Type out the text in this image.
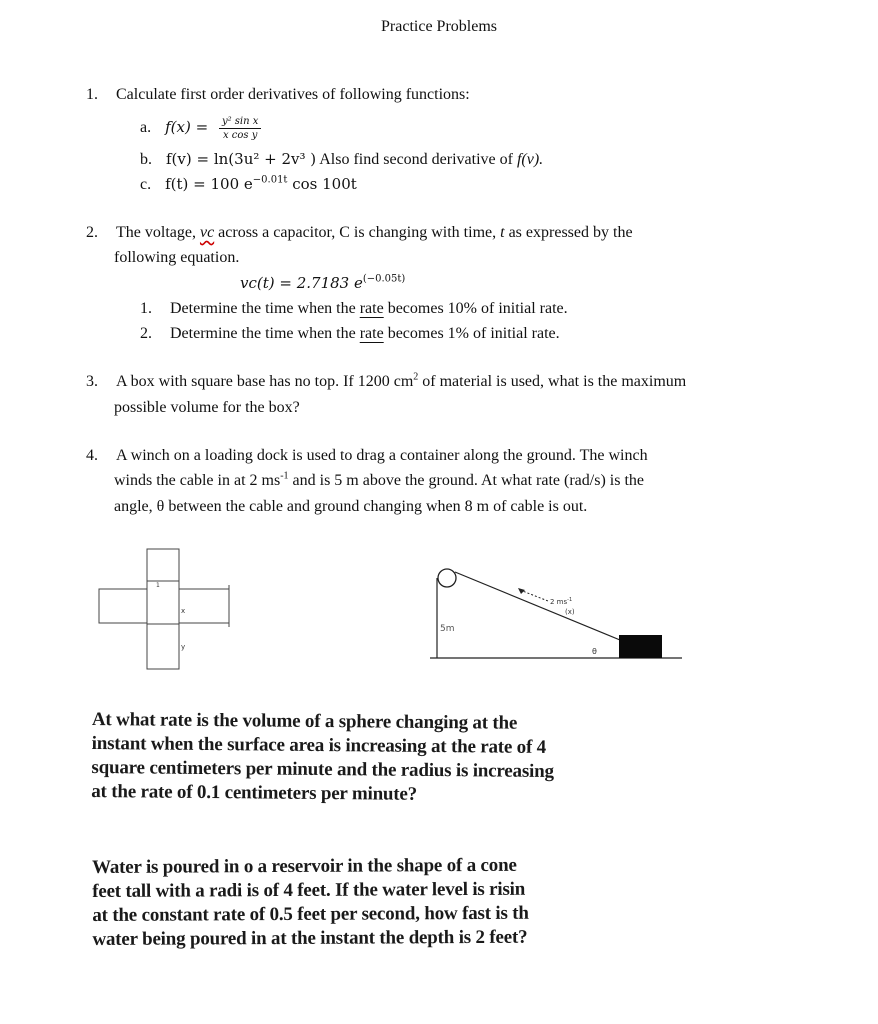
Practice Problems
1. Calculate first order derivatives of following functions:
a. $f(x) = \frac{\text{y² sin x}}{\text{x cos y}}$
b. f(v) = ln(3u² + 2v³ ) Also find second derivative of f(v).
c. f(t) = 100 $e^{-0.01t}$ cos 100t
2. The voltage, vc across a capacitor, C is changing with time, t as expressed by the
following equation.
vc(t) = 2.7183 $e^{(-0.05t)}$
1. Determine the time when the rate becomes 10% of initial rate.
2. Determine the time when the rate becomes 1% of initial rate.
3. A box with square base has no top. If 1200 $cm^2$ of material is used, what is the maximum
possible volume for the box?
4. A winch on a loading dock is used to drag a container along the ground. The winch
winds the cable in at 2 $ms^{-1}$ and is 5 m above the ground. At what rate (rad/s) is the
angle, θ between the cable and ground changing when 8 m of cable is out.
1
x
y
5m
2 $ms^{-1}$
(x)
θ
At what rate is the volume of a sphere changing at the
instant when the surface area is increasing at the rate of 4
square centimeters per minute and the radius is increasing
at the rate of 0.1 centimeters per minute?
Water is poured in o a reservoir in the shape of a cone
feet tall with a radi is of 4 feet. If the water level is risin
at the constant rate of 0.5 feet per second, how fast is th
water being poured in at the instant the depth is 2 feet?
